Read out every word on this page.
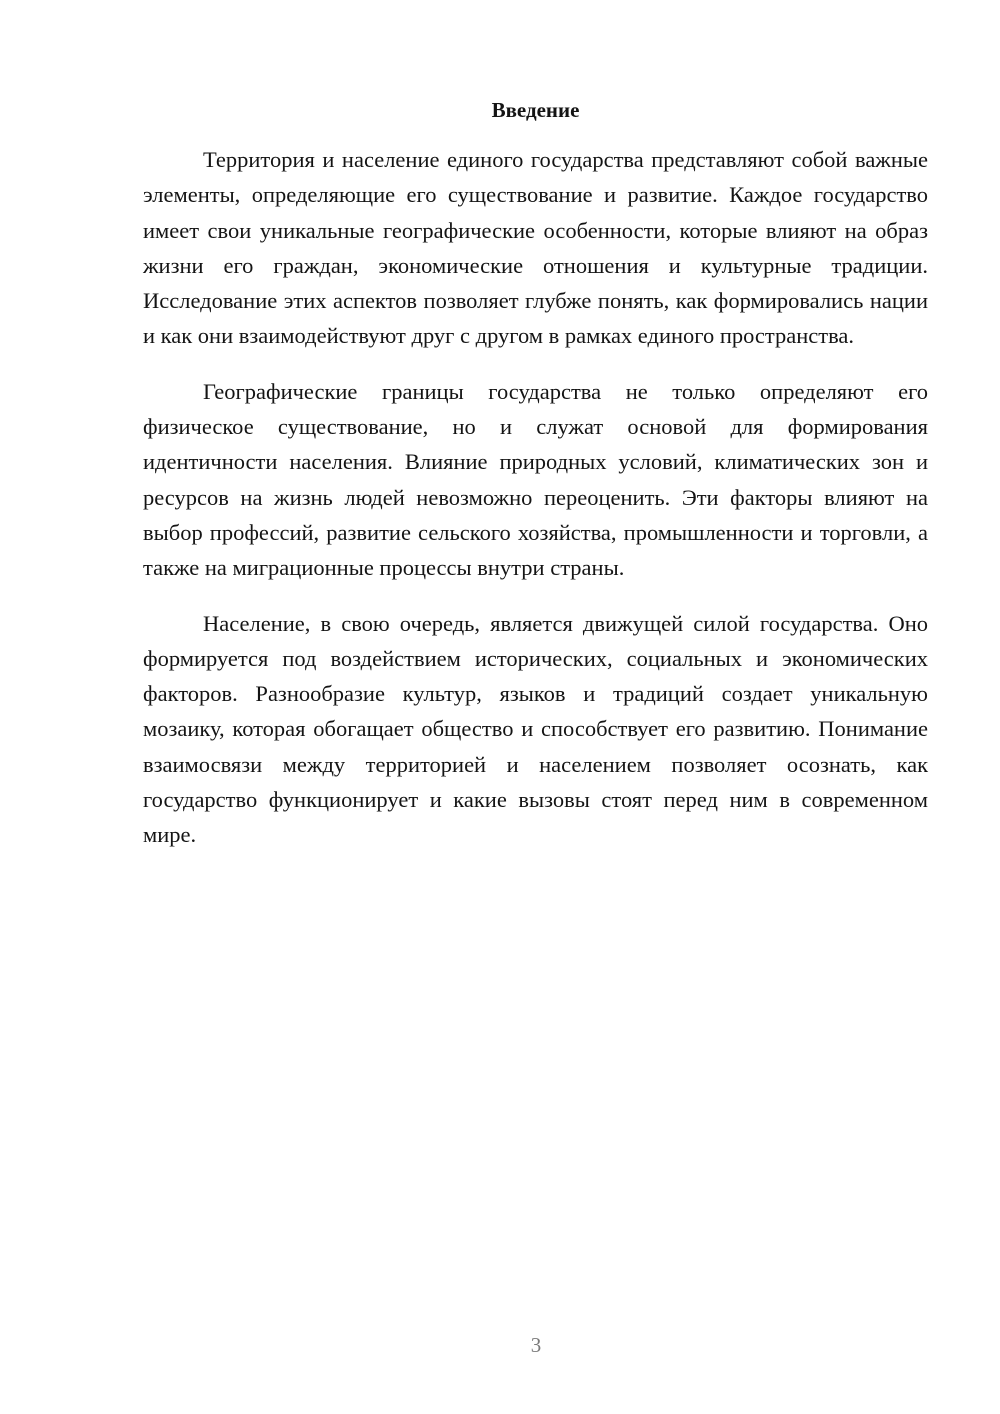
Введение

Территория и население единого государства представляют собой важные элементы, определяющие его существование и развитие. Каждое государство имеет свои уникальные географические особенности, которые влияют на образ жизни его граждан, экономические отношения и культурные традиции. Исследование этих аспектов позволяет глубже понять, как формировались нации и как они взаимодействуют друг с другом в рамках единого пространства.

Географические границы государства не только определяют его физическое существование, но и служат основой для формирования идентичности населения. Влияние природных условий, климатических зон и ресурсов на жизнь людей невозможно переоценить. Эти факторы влияют на выбор профессий, развитие сельского хозяйства, промышленности и торговли, а также на миграционные процессы внутри страны.

Население, в свою очередь, является движущей силой государства. Оно формируется под воздействием исторических, социальных и экономических факторов. Разнообразие культур, языков и традиций создает уникальную мозаику, которая обогащает общество и способствует его развитию. Понимание взаимосвязи между территорией и населением позволяет осознать, как государство функционирует и какие вызовы стоят перед ним в современном мире.

3
